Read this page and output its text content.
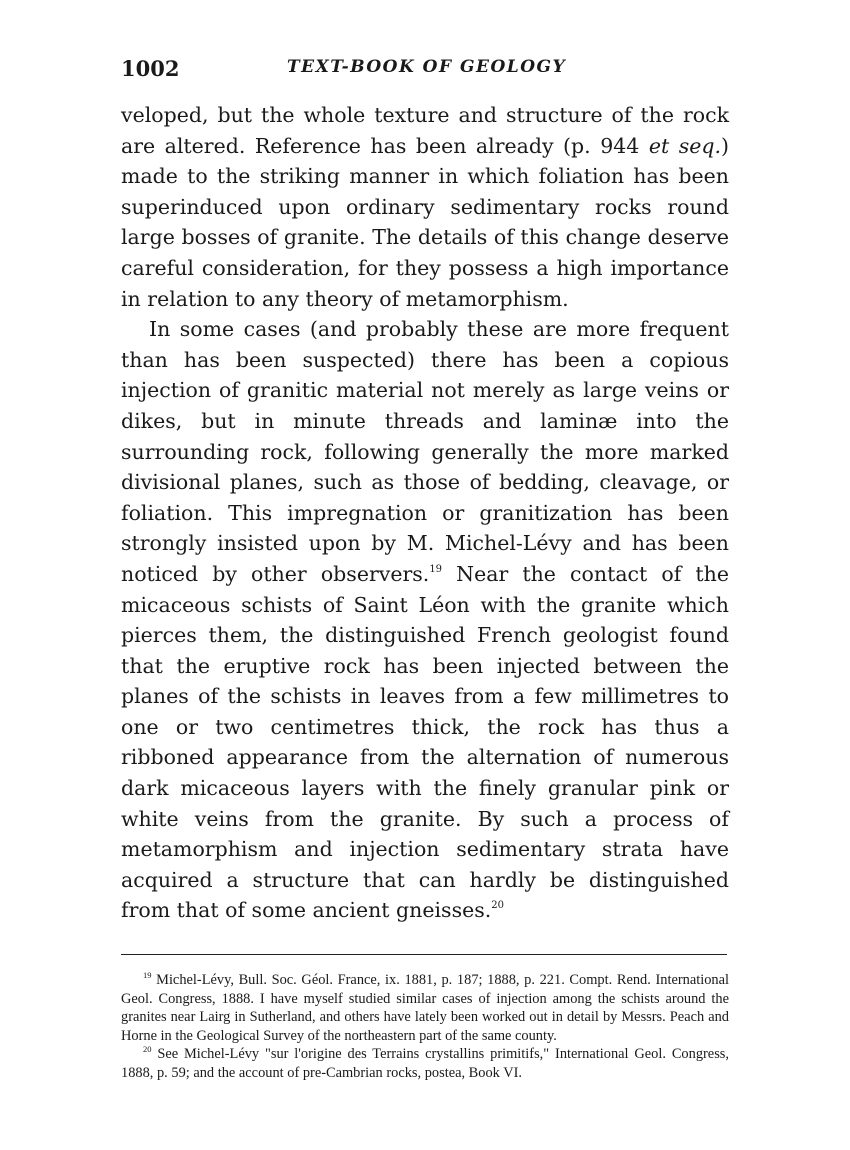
1002	TEXT-BOOK OF GEOLOGY

veloped, but the whole texture and structure of the rock are altered. Reference has been already (p. 944 et seq.) made to the striking manner in which foliation has been superinduced upon ordinary sedimentary rocks round large bosses of granite. The details of this change deserve careful consideration, for they possess a high importance in relation to any theory of metamorphism.

In some cases (and probably these are more frequent than has been suspected) there has been a copious injection of granitic material not merely as large veins or dikes, but in minute threads and laminæ into the surrounding rock, following generally the more marked divisional planes, such as those of bedding, cleavage, or foliation. This impregnation or granitization has been strongly insisted upon by M. Michel-Lévy and has been noticed by other observers.$^{19}$ Near the contact of the micaceous schists of Saint Léon with the granite which pierces them, the distinguished French geologist found that the eruptive rock has been injected between the planes of the schists in leaves from a few millimetres to one or two centimetres thick, the rock has thus a ribboned appearance from the alternation of numerous dark micaceous layers with the finely granular pink or white veins from the granite. By such a process of metamorphism and injection sedimentary strata have acquired a structure that can hardly be distinguished from that of some ancient gneisses.$^{20}$

$^{19}$ Michel-Lévy, Bull. Soc. Géol. France, ix. 1881, p. 187; 1888, p. 221. Compt. Rend. International Geol. Congress, 1888. I have myself studied similar cases of injection among the schists around the granites near Lairg in Sutherland, and others have lately been worked out in detail by Messrs. Peach and Horne in the Geological Survey of the northeastern part of the same county.

$^{20}$ See Michel-Lévy "sur l'origine des Terrains crystallins primitifs," International Geol. Congress, 1888, p. 59; and the account of pre-Cambrian rocks, postea, Book VI.
